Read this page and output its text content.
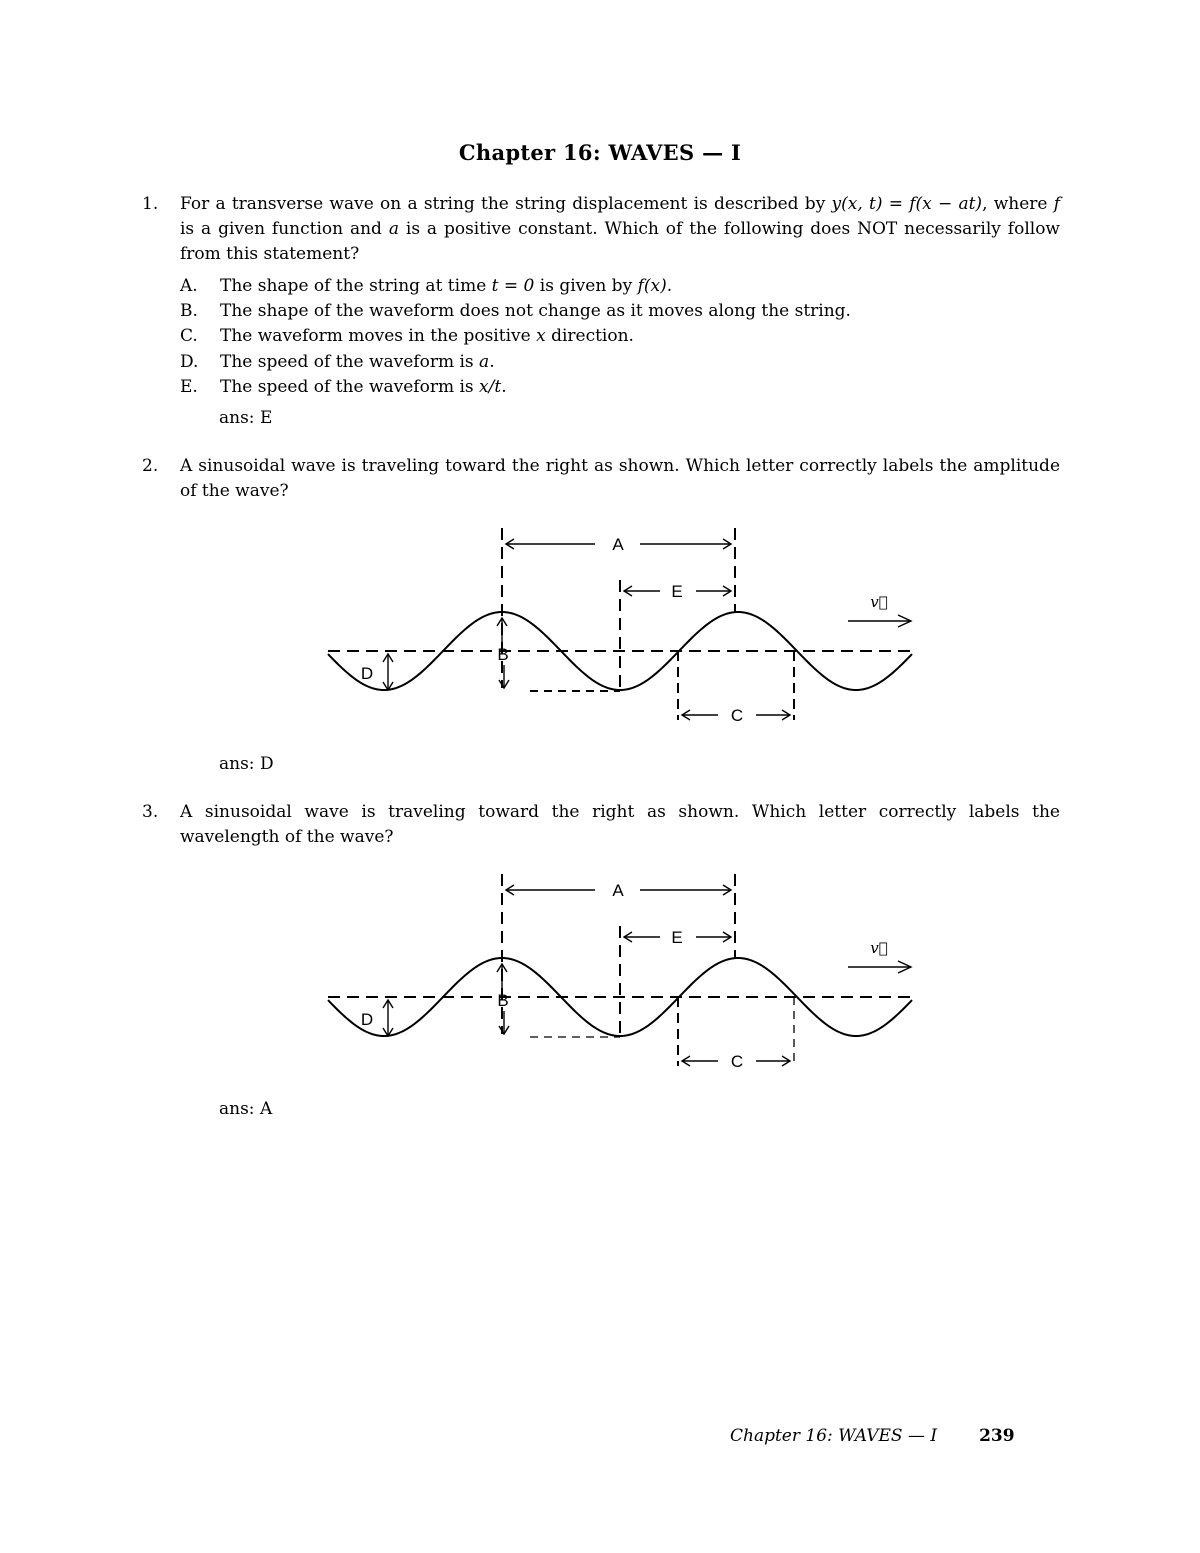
Chapter 16: WAVES — I
1. For a transverse wave on a string the string displacement is described by y(x, t) = f(x − at), where f is a given function and a is a positive constant. Which of the following does NOT necessarily follow from this statement?
A. The shape of the string at time t = 0 is given by f(x).
B. The shape of the waveform does not change as it moves along the string.
C. The waveform moves in the positive x direction.
D. The speed of the waveform is a.
E. The speed of the waveform is x/t.
ans: E
2. A sinusoidal wave is traveling toward the right as shown. Which letter correctly labels the amplitude of the wave?
A
E
C
B
D
v⃗
ans: D
3. A sinusoidal wave is traveling toward the right as shown. Which letter correctly labels the wavelength of the wave?
A
E
C
B
D
v⃗
ans: A
Chapter 16: WAVES — I 239
